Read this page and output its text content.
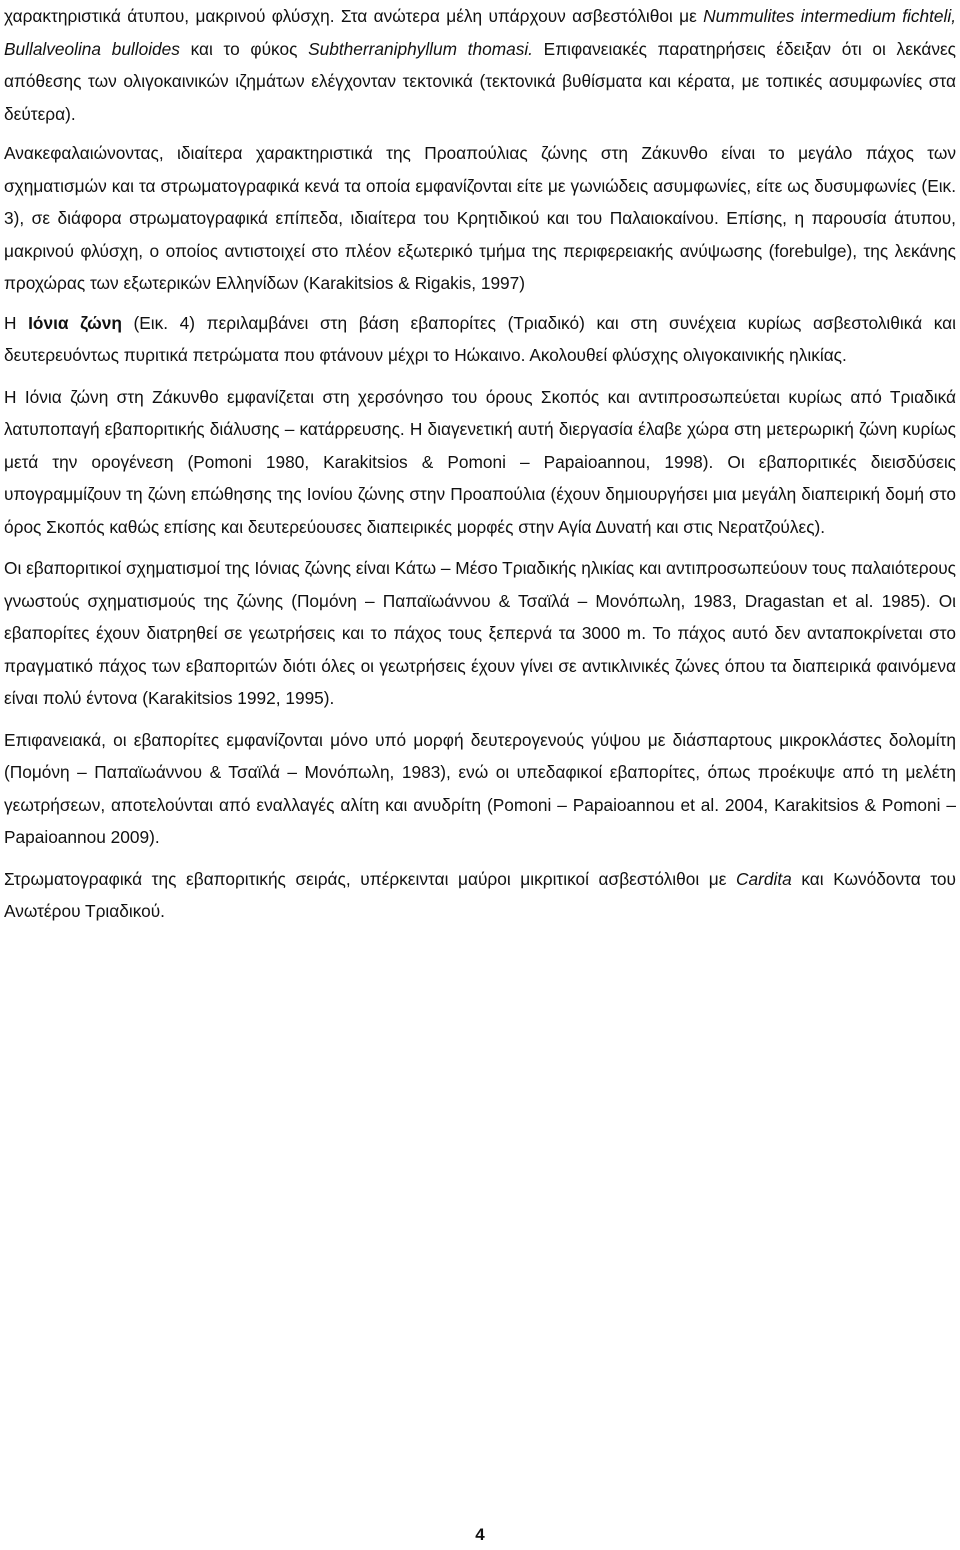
χαρακτηριστικά άτυπου, μακρινού φλύσχη. Στα ανώτερα μέλη υπάρχουν ασβεστόλιθοι με Nummulites intermedium fichteli, Bullalveolina bulloides και το φύκος Subtherraniphyllum thomasi. Επιφανειακές παρατηρήσεις έδειξαν ότι οι λεκάνες απόθεσης των ολιγοκαινικών ιζημάτων ελέγχονταν τεκτονικά (τεκτονικά βυθίσματα και κέρατα, με τοπικές ασυμφωνίες στα δεύτερα).

Ανακεφαλαιώνοντας, ιδιαίτερα χαρακτηριστικά της Προαπούλιας ζώνης στη Ζάκυνθο είναι το μεγάλο πάχος των σχηματισμών και τα στρωματογραφικά κενά τα οποία εμφανίζονται είτε με γωνιώδεις ασυμφωνίες, είτε ως δυσυμφωνίες (Εικ. 3), σε διάφορα στρωματογραφικά επίπεδα, ιδιαίτερα του Κρητιδικού και του Παλαιοκαίνου. Επίσης, η παρουσία άτυπου, μακρινού φλύσχη, ο οποίος αντιστοιχεί στο πλέον εξωτερικό τμήμα της περιφερειακής ανύψωσης (forebulge), της λεκάνης προχώρας των εξωτερικών Ελληνίδων (Karakitsios & Rigakis, 1997)

Η Ιόνια ζώνη (Εικ. 4) περιλαμβάνει στη βάση εβαπορίτες (Τριαδικό) και στη συνέχεια κυρίως ασβεστολιθικά και δευτερευόντως πυριτικά πετρώματα που φτάνουν μέχρι το Ηώκαινο. Ακολουθεί φλύσχης ολιγοκαινικής ηλικίας.

Η Ιόνια ζώνη στη Ζάκυνθο εμφανίζεται στη χερσόνησο του όρους Σκοπός και αντιπροσωπεύεται κυρίως από Τριαδικά λατυποπαγή εβαποριτικής διάλυσης – κατάρρευσης. Η διαγενετική αυτή διεργασία έλαβε χώρα στη μετερωρική ζώνη κυρίως μετά την ορογένεση (Pomoni 1980, Karakitsios & Pomoni – Papaioannou, 1998). Οι εβαποριτικές διεισδύσεις υπογραμμίζουν τη ζώνη επώθησης της Ιονίου ζώνης στην Προαπούλια (έχουν δημιουργήσει μια μεγάλη διαπειρική δομή στο όρος Σκοπός καθώς επίσης και δευτερεύουσες διαπειρικές μορφές στην Αγία Δυνατή και στις Νερατζούλες).

Οι εβαποριτικοί σχηματισμοί της Ιόνιας ζώνης είναι Κάτω – Μέσο Τριαδικής ηλικίας και αντιπροσωπεύουν τους παλαιότερους γνωστούς σχηματισμούς της ζώνης (Πομόνη – Παπαϊωάννου & Τσαϊλά – Μονόπωλη, 1983, Dragastan et al. 1985). Οι εβαπορίτες έχουν διατρηθεί σε γεωτρήσεις και το πάχος τους ξεπερνά τα 3000 m. Το πάχος αυτό δεν ανταποκρίνεται στο πραγματικό πάχος των εβαποριτών διότι όλες οι γεωτρήσεις έχουν γίνει σε αντικλινικές ζώνες όπου τα διαπειρικά φαινόμενα είναι πολύ έντονα (Karakitsios 1992, 1995).

Επιφανειακά, οι εβαπορίτες εμφανίζονται μόνο υπό μορφή δευτερογενούς γύψου με διάσπαρτους μικροκλάστες δολομίτη (Πομόνη – Παπαϊωάννου & Τσαϊλά – Μονόπωλη, 1983), ενώ οι υπεδαφικοί εβαπορίτες, όπως προέκυψε από τη μελέτη γεωτρήσεων, αποτελούνται από εναλλαγές αλίτη και ανυδρίτη (Pomoni – Papaioannou et al. 2004, Karakitsios & Pomoni – Papaioannou 2009).

Στρωματογραφικά της εβαποριτικής σειράς, υπέρκεινται μαύροι μικριτικοί ασβεστόλιθοι με Cardita και Κωνόδοντα του Ανωτέρου Τριαδικού.

4
